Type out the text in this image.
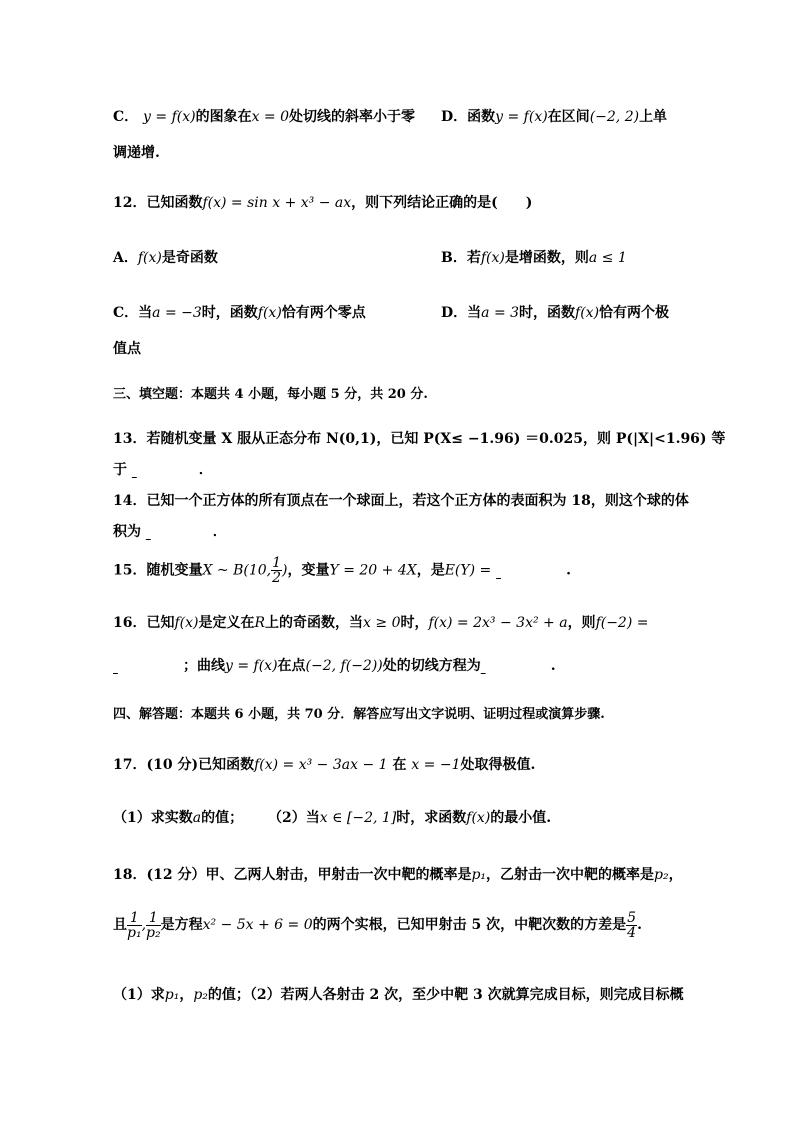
C． y = f(x)的图象在x = 0处切线的斜率小于零 D．函数y = f(x)在区间(−2, 2)上单
调递增.
12．已知函数f(x) = sin x + x³ − ax，则下列结论正确的是(　　)
A．f(x)是奇函数	B．若f(x)是增函数，则a ≤ 1
C．当a = −3时，函数f(x)恰有两个零点	D．当a = 3时，函数f(x)恰有两个极
值点
三、填空题：本题共 4 小题，每小题 5 分，共 20 分.
13．若随机变量 X 服从正态分布 N(0,1)，已知 P(X≤ −1.96) ＝0.025，则 P(|X|<1.96) 等
于	．
14．已知一个正方体的所有顶点在一个球面上，若这个正方体的表面积为 18，则这个球的体
积为	．
15．随机变量X ~ B(10, $\frac{1}{2}$ )，变量Y = 20 + 4X，是E(Y) =	.
16．已知f(x)是定义在R上的奇函数，当x ≥ 0时，f(x) = 2x³ − 3x² + a，则f(−2) =
；曲线y = f(x)在点(−2, f(−2))处的切线方程为	.
四、解答题：本题共 6 小题，共 70 分．解答应写出文字说明、证明过程或演算步骤.
17．(10 分)已知函数f(x) = x³ − 3ax − 1 在 x = −1处取得极值.
（1）求实数a的值； （2）当x ∈ [−2, 1]时，求函数f(x)的最小值.
18．(12 分）甲、乙两人射击，甲射击一次中靶的概率是p₁，乙射击一次中靶的概率是p₂，
且 $\frac{1}{\text{p₁}}$ , $\frac{1}{\text{p₂}}$ 是方程x² − 5x + 6 = 0的两个实根，已知甲射击 5 次，中靶次数的方差是 $\frac{5}{4}$ .
（1）求p₁，p₂的值；（2）若两人各射击 2 次，至少中靶 3 次就算完成目标，则完成目标概
